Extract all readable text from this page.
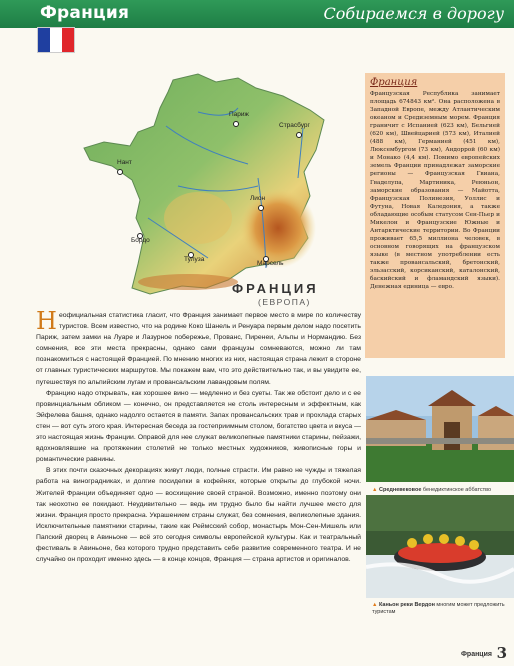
Франция	Собираемся в дорогу
Париж
Страсбург
Нант
Лион
Бордо
Тулуза
Марсель
ФРАНЦИЯ
(ЕВРОПА)
Франция
Французская Республика занимает площадь 674843 км². Она расположена в Западной Европе, между Атлантическим океаном и Средиземным морем. Франция граничит с Испанией (623 км), Бельгией (620 км), Швейцарией (573 км), Италией (488 км), Германией (451 км), Люксембургом (73 км), Андоррой (60 км) и Монако (4,4 км). Помимо европейских земель Франции принадлежат заморские регионы — Французская Гвиана, Гваделупа, Мартиника, Реюньон, заморские образования — Майотта, Французская Полинезия, Уоллис и Футуна, Новая Каледония, а также обладающие особым статусом Сен-Пьер и Микелон и Французские Южные и Антарктические территории. Во Франции проживает 65,5 миллиона человек, в основном говорящих на французском языке (в местном употреблении есть также провансальский, бретонский, эльзасский, корсиканский, каталонский, баскийский и фламандский языки). Денежная единица — евро.

Неофициальная статистика гласит, что Франция занимает первое место в мире по количеству туристов. Всем известно, что на родине Коко Шанель и Ренуара первым делом надо посетить Париж, затем замки на Луаре и Лазурное побережье, Прованс, Пиренеи, Альпы и Нормандию. Без сомнения, все эти места прекрасны, однако сами французы сомневаются, можно ли там познакомиться с настоящей Францией. По мнению многих из них, настоящая страна лежит в стороне от главных туристических маршрутов. Мы покажем вам, что это действительно так, и вы увидите ее, путешествуя по альпийским лугам и провансальским лавандовым полям.

Францию надо открывать, как хорошее вино — медленно и без суеты. Так же обстоит дело и с ее провинциальным обликом — конечно, он представляется не столь интересным и эффектным, как Эйфелева башня, однако надолго остается в памяти. Запах провансальских трав и прохлада старых стен — вот суть этого края. Интересная беседа за гостеприимным столом, богатство цвета и вкуса — это настоящая жизнь Франции. Оправой для нее служат великолепные памятники старины, пейзажи, вдохновлявшие на протяжении столетий не только местных художников, живописные горы и романтические равнины.

В этих почти сказочных декорациях живут люди, полные страсти. Им равно не чужды и тяжелая работа на виноградниках, и долгие посиделки в кофейнях, которые открыты до глубокой ночи. Жителей Франции объединяет одно — восхищение своей страной. Возможно, именно поэтому они так неохотно ее покидают. Неудивительно — ведь им трудно было бы найти лучшее место для жизни. Франция просто прекрасна. Украшением страны служат, без сомнения, великолепные здания. Исключительные памятники старины, такие как Реймсский собор, монастырь Мон-Сен-Мишель или Папский дворец в Авиньоне — всё это сегодня символы европейской культуры. Как и театральный фестиваль в Авиньоне, без которого трудно представить себе развитие современного театра. И не случайно он проходит именно здесь — в конце концов, Франция — страна артистов и оригиналов.

▲ Средневековое бенедиктинское аббатство
▲ Каньон реки Вердон многим может предложить туристам
Франция 3
